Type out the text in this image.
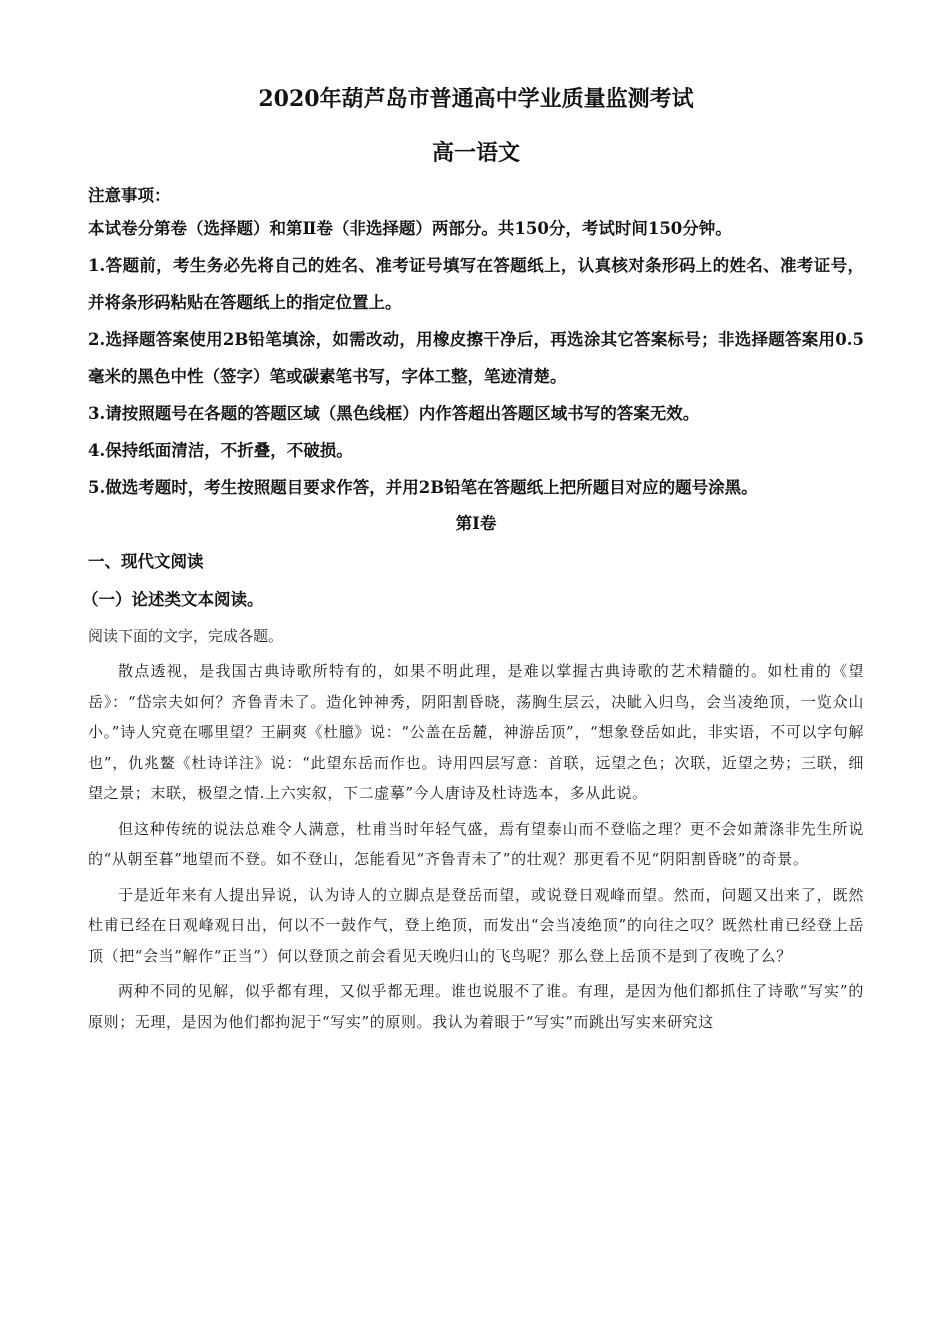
2020年葫芦岛市普通高中学业质量监测考试
高一语文

注意事项：

本试卷分第卷（选择题）和第Ⅱ卷（非选择题）两部分。共150分，考试时间150分钟。

1.答题前，考生务必先将自己的姓名、准考证号填写在答题纸上，认真核对条形码上的姓名、准考证号，并将条形码粘贴在答题纸上的指定位置上。

2.选择题答案使用2B铅笔填涂，如需改动，用橡皮擦干净后，再选涂其它答案标号；非选择题答案用0.5毫米的黑色中性（签字）笔或碳素笔书写，字体工整，笔迹清楚。

3.请按照题号在各题的答题区域（黑色线框）内作答超出答题区域书写的答案无效。

4.保持纸面清洁，不折叠，不破损。

5.做选考题时，考生按照题目要求作答，并用2B铅笔在答题纸上把所题目对应的题号涂黑。

第Ⅰ卷

一、现代文阅读

（一）论述类文本阅读。

阅读下面的文字，完成各题。

散点透视，是我国古典诗歌所特有的，如果不明此理，是难以掌握古典诗歌的艺术精髓的。如杜甫的《望岳》：“岱宗夫如何？齐鲁青未了。造化钟神秀，阴阳割昏晓，荡胸生层云，决眦入归鸟，会当凌绝顶，一览众山小。”诗人究竟在哪里望？王嗣爽《杜臆》说：“公盖在岳麓，神游岳顶”，“想象登岳如此，非实语，不可以字句解也”，仇兆鳌《杜诗详注》说：“此望东岳而作也。诗用四层写意：首联，远望之色；次联，近望之势；三联，细望之景；末联，极望之情.上六实叙，下二虚摹”今人唐诗及杜诗选本，多从此说。

但这种传统的说法总难令人满意，杜甫当时年轻气盛，焉有望泰山而不登临之理？更不会如萧涤非先生所说的“从朝至暮”地望而不登。如不登山，怎能看见“齐鲁青未了”的壮观？那更看不见“阴阳割昏晓”的奇景。

于是近年来有人提出异说，认为诗人的立脚点是登岳而望，或说登日观峰而望。然而，问题又出来了，既然杜甫已经在日观峰观日出，何以不一鼓作气，登上绝顶，而发出“会当凌绝顶”的向往之叹？既然杜甫已经登上岳顶（把“会当”解作“正当”）何以登顶之前会看见天晚归山的飞鸟呢？那么登上岳顶不是到了夜晚了么？

两种不同的见解，似乎都有理，又似乎都无理。谁也说服不了谁。有理，是因为他们都抓住了诗歌“写实”的原则；无理，是因为他们都拘泥于“写实”的原则。我认为着眼于“写实”而跳出写实来研究这
